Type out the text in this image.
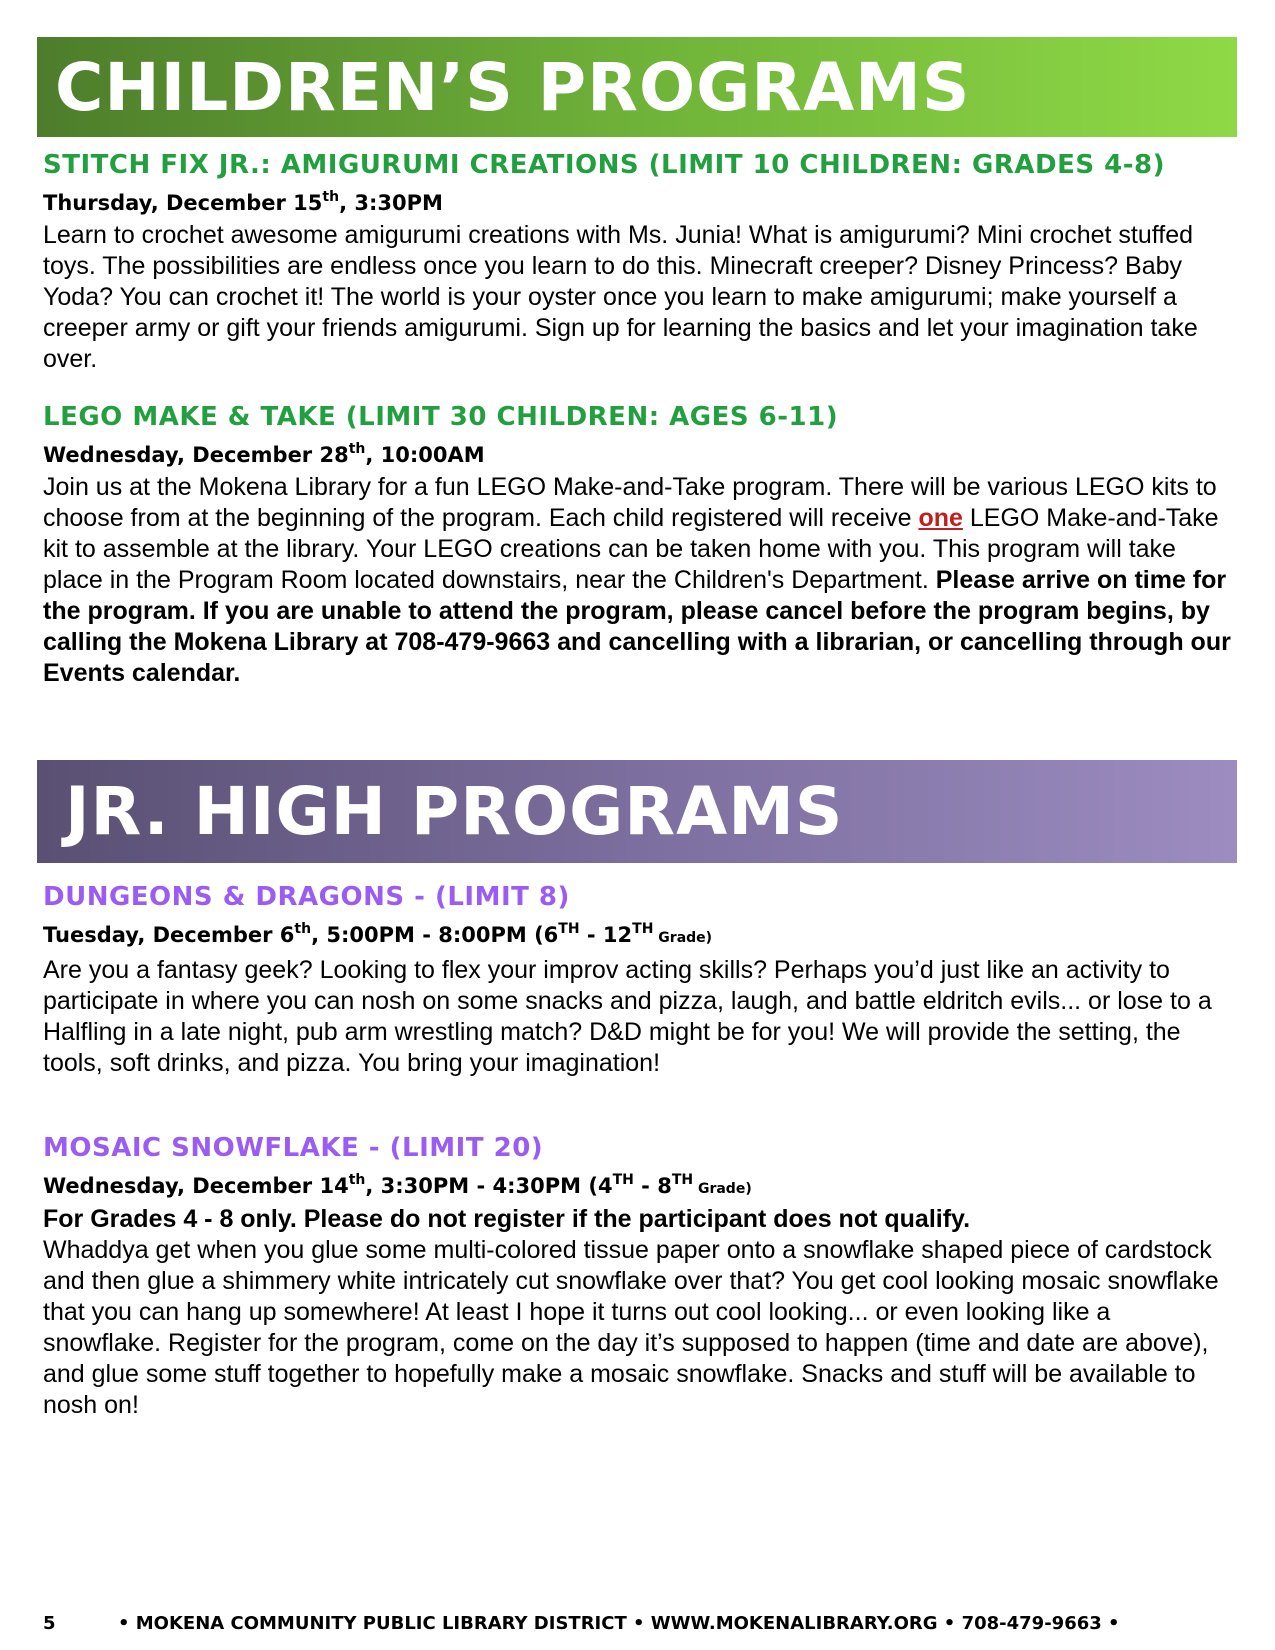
CHILDREN’S PROGRAMS
STITCH FIX JR.: AMIGURUMI CREATIONS (LIMIT 10 CHILDREN: GRADES 4-8)
Thursday, December 15th, 3:30PM

Learn to crochet awesome amigurumi creations with Ms. Junia! What is amigurumi? Mini crochet stuffed toys. The possibilities are endless once you learn to do this. Minecraft creeper? Disney Princess? Baby Yoda? You can crochet it! The world is your oyster once you learn to make amigurumi; make yourself a creeper army or gift your friends amigurumi. Sign up for learning the basics and let your imagination take over.

LEGO MAKE & TAKE (LIMIT 30 CHILDREN: AGES 6-11)
Wednesday, December 28th, 10:00AM

Join us at the Mokena Library for a fun LEGO Make-and-Take program. There will be various LEGO kits to choose from at the beginning of the program. Each child registered will receive one LEGO Make-and-Take kit to assemble at the library. Your LEGO creations can be taken home with you. This program will take place in the Program Room located downstairs, near the Children's Department. Please arrive on time for the program. If you are unable to attend the program, please cancel before the program begins, by calling the Mokena Library at 708-479-9663 and cancelling with a librarian, or cancelling through our Events calendar.

JR. HIGH PROGRAMS
DUNGEONS & DRAGONS - (LIMIT 8)
Tuesday, December 6th, 5:00PM - 8:00PM (6TH - 12TH Grade)

Are you a fantasy geek? Looking to flex your improv acting skills? Perhaps you’d just like an activity to participate in where you can nosh on some snacks and pizza, laugh, and battle eldritch evils... or lose to a Halfling in a late night, pub arm wrestling match? D&D might be for you! We will provide the setting, the tools, soft drinks, and pizza. You bring your imagination!

MOSAIC SNOWFLAKE - (LIMIT 20)
Wednesday, December 14th, 3:30PM - 4:30PM (4TH - 8TH Grade)

For Grades 4 - 8 only. Please do not register if the participant does not qualify.

Whaddya get when you glue some multi-colored tissue paper onto a snowflake shaped piece of cardstock and then glue a shimmery white intricately cut snowflake over that? You get cool looking mosaic snowflake that you can hang up somewhere! At least I hope it turns out cool looking... or even looking like a snowflake. Register for the program, come on the day it’s supposed to happen (time and date are above), and glue some stuff together to hopefully make a mosaic snowflake. Snacks and stuff will be available to nosh on!

5	• MOKENA COMMUNITY PUBLIC LIBRARY DISTRICT • WWW.MOKENALIBRARY.ORG • 708-479-9663 •
